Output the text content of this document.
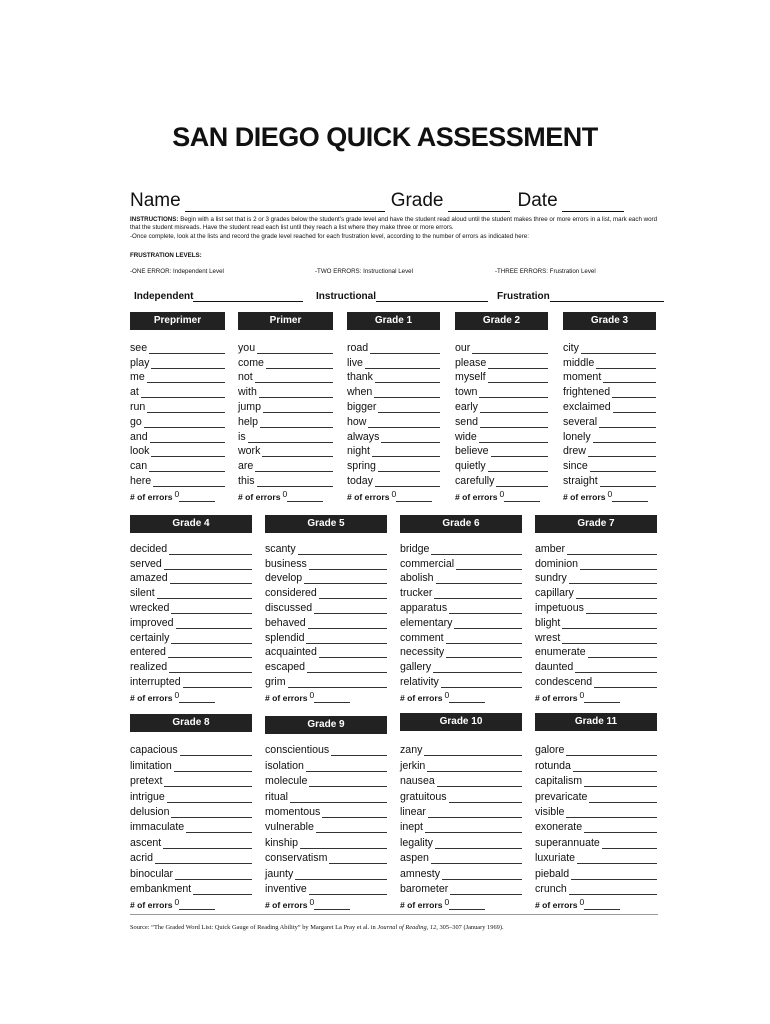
SAN DIEGO QUICK ASSESSMENT
Name	Grade	Date
INSTRUCTIONS: Begin with a list set that is 2 or 3 grades below the student's grade level and have the student read aloud until the student makes three or more errors in a list, mark each word that the student misreads. Have the student read each list until they reach a list where they make three or more errors.
-Once complete, look at the lists and record the grade level reached for each frustration level, according to the number of errors as indicated here:
FRUSTRATION LEVELS:
-ONE ERROR: Independent Level	-TWO ERRORS: Instructional Level	-THREE ERRORS: Frustration Level
Independent	Instructional	Frustration
Preprimer
see
play
me
at
run
go
and
look
can
here
# of errors 0
Primer
you
come
not
with
jump
help
is
work
are
this
# of errors 0
Grade 1
road
live
thank
when
bigger
how
always
night
spring
today
# of errors 0
Grade 2
our
please
myself
town
early
send
wide
believe
quietly
carefully
# of errors 0
Grade 3
city
middle
moment
frightened
exclaimed
several
lonely
drew
since
straight
# of errors 0
Grade 4
decided
served
amazed
silent
wrecked
improved
certainly
entered
realized
interrupted
# of errors 0
Grade 5
scanty
business
develop
considered
discussed
behaved
splendid
acquainted
escaped
grim
# of errors 0
Grade 6
bridge
commercial
abolish
trucker
apparatus
elementary
comment
necessity
gallery
relativity
# of errors 0
Grade 7
amber
dominion
sundry
capillary
impetuous
blight
wrest
enumerate
daunted
condescend
# of errors 0
Grade 8
capacious
limitation
pretext
intrigue
delusion
immaculate
ascent
acrid
binocular
embankment
# of errors 0
Grade 9
conscientious
isolation
molecule
ritual
momentous
vulnerable
kinship
conservatism
jaunty
inventive
# of errors 0
Grade 10
zany
jerkin
nausea
gratuitous
linear
inept
legality
aspen
amnesty
barometer
# of errors 0
Grade 11
galore
rotunda
capitalism
prevaricate
visible
exonerate
superannuate
luxuriate
piebald
crunch
# of errors 0
Source: “The Graded Word List: Quick Gauge of Reading Ability” by Margaret La Pray et al. in Journal of Reading, 12, 305–307 (January 1969).
